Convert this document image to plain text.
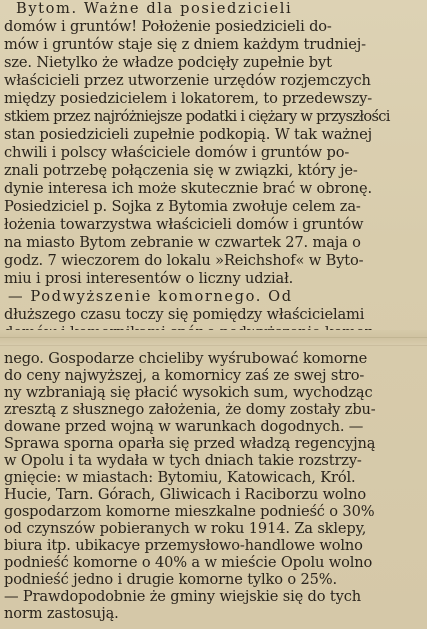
Bytom. Ważne dla posiedzicieli
domów i gruntów! Położenie posiedzicieli do-
mów i gruntów staje się z dniem każdym trudniej-
sze. Nietylko że władze podcięły zupełnie byt
właścicieli przez utworzenie urzędów rozjemczych
między posiedzicielem i lokatorem, to przedewszy-
stkiem przez najróżniejsze podatki i ciężary w przyszłości
stan posiedzicieli zupełnie podkopią. W tak ważnej
chwili i polscy właściciele domów i gruntów po-
znali potrzebę połączenia się w związki, który je-
dynie interesa ich może skutecznie brać w obronę.
Posiedziciel p. Sojka z Bytomia zwołuje celem za-
łożenia towarzystwa właścicieli domów i gruntów
na miasto Bytom zebranie w czwartek 27. maja o
godz. 7 wieczorem do lokalu »Reichshof« w Byto-
miu i prosi interesentów o liczny udział.
— Podwyższenie komornego. Od
dłuższego czasu toczy się pomiędzy właścicielami
nego. Gospodarze chcieliby wyśrubować komorne
do ceny najwyższej, a komornicy zaś ze swej stro-
ny wzbraniają się płacić wysokich sum, wychodząc
zresztą z słusznego założenia, że domy zostały zbu-
dowane przed wojną w warunkach dogodnych. —
Sprawa sporna oparła się przed władzą regencyjną
w Opolu i ta wydała w tych dniach takie rozstrzy-
gnięcie: w miastach: Bytomiu, Katowicach, Król.
Hucie, Tarn. Górach, Gliwicach i Raciborzu wolno
gospodarzom komorne mieszkalne podnieść o 30%
od czynszów pobieranych w roku 1914. Za sklepy,
biura itp. ubikacye przemysłowo-handlowe wolno
podnieść komorne o 40% a w mieście Opolu wolno
podnieść jedno i drugie komorne tylko o 25%.
— Prawdopodobnie że gminy wiejskie się do tych
norm zastosują.
